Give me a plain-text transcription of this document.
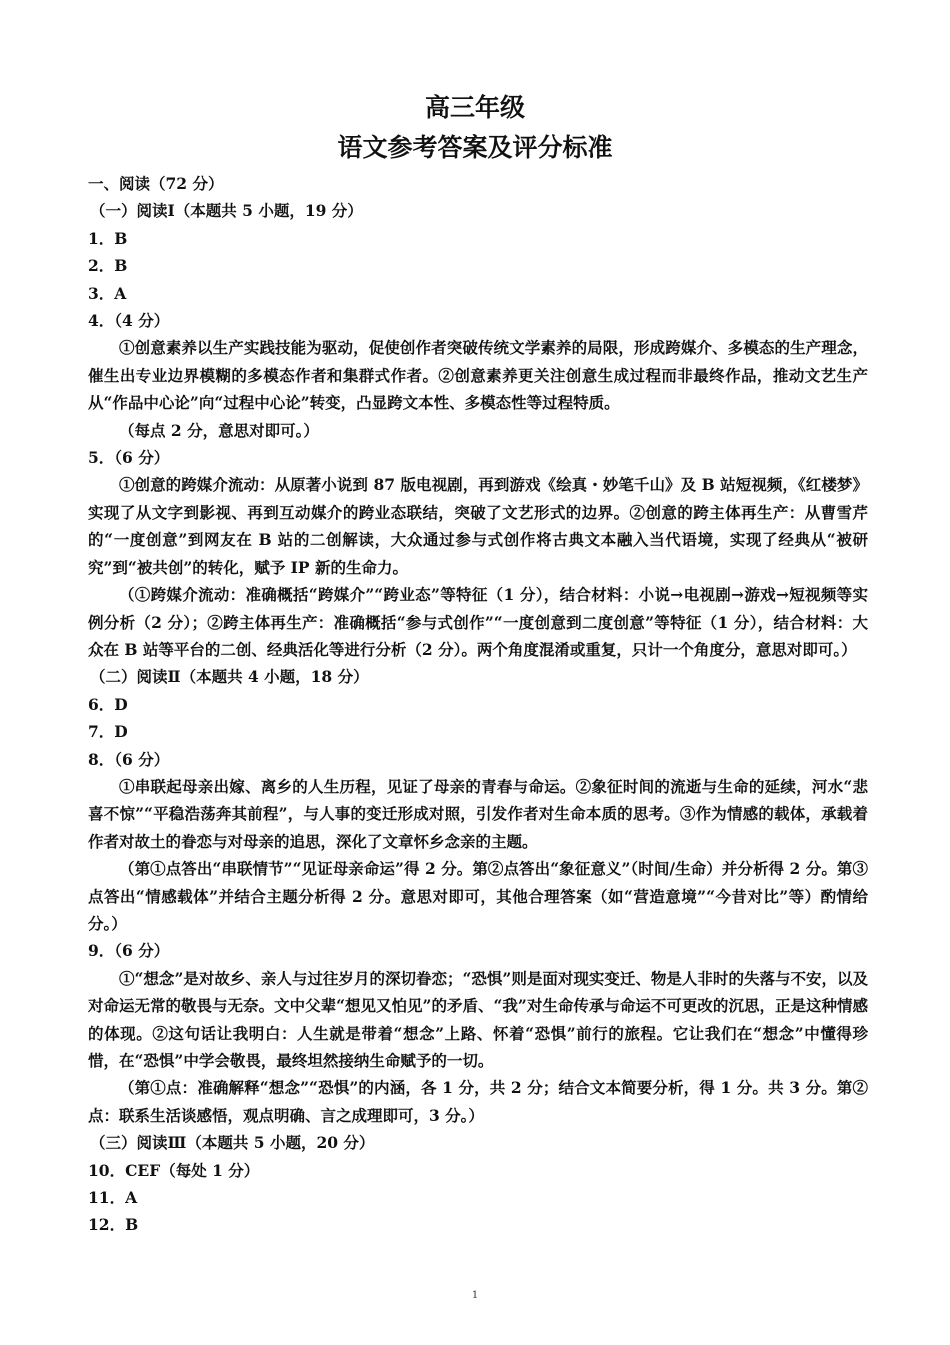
高三年级
语文参考答案及评分标准
一、阅读（72 分）
（一）阅读Ⅰ（本题共 5 小题，19 分）
1．B
2．B
3．A
4．（4 分）

①创意素养以生产实践技能为驱动，促使创作者突破传统文学素养的局限，形成跨媒介、多模态的生产理念，催生出专业边界模糊的多模态作者和集群式作者。②创意素养更关注创意生成过程而非最终作品，推动文艺生产从“作品中心论”向“过程中心论”转变，凸显跨文本性、多模态性等过程特质。

（每点 2 分，意思对即可。）

5．（6 分）

①创意的跨媒介流动：从原著小说到 87 版电视剧，再到游戏《绘真・妙笔千山》及 B 站短视频，《红楼梦》实现了从文字到影视、再到互动媒介的跨业态联结，突破了文艺形式的边界。②创意的跨主体再生产：从曹雪芹的“一度创意”到网友在 B 站的二创解读，大众通过参与式创作将古典文本融入当代语境，实现了经典从“被研究”到“被共创”的转化，赋予 IP 新的生命力。

（①跨媒介流动：准确概括“跨媒介”“跨业态”等特征（1 分），结合材料：小说→电视剧→游戏→短视频等实例分析（2 分）；②跨主体再生产：准确概括“参与式创作”“一度创意到二度创意”等特征（1 分），结合材料：大众在 B 站等平台的二创、经典活化等进行分析（2 分）。两个角度混淆或重复，只计一个角度分，意思对即可。）

（二）阅读Ⅱ（本题共 4 小题，18 分）
6．D
7．D
8．（6 分）

①串联起母亲出嫁、离乡的人生历程，见证了母亲的青春与命运。②象征时间的流逝与生命的延续，河水“悲喜不惊”“平稳浩荡奔其前程”，与人事的变迁形成对照，引发作者对生命本质的思考。③作为情感的载体，承载着作者对故土的眷恋与对母亲的追思，深化了文章怀乡念亲的主题。

（第①点答出“串联情节”“见证母亲命运”得 2 分。第②点答出“象征意义”（时间/生命）并分析得 2 分。第③点答出“情感载体”并结合主题分析得 2 分。意思对即可，其他合理答案（如“营造意境”“今昔对比”等）酌情给分。）

9．（6 分）

①“想念”是对故乡、亲人与过往岁月的深切眷恋；“恐惧”则是面对现实变迁、物是人非时的失落与不安，以及对命运无常的敬畏与无奈。文中父辈“想见又怕见”的矛盾、“我”对生命传承与命运不可更改的沉思，正是这种情感的体现。②这句话让我明白：人生就是带着“想念”上路、怀着“恐惧”前行的旅程。它让我们在“想念”中懂得珍惜，在“恐惧”中学会敬畏，最终坦然接纳生命赋予的一切。

（第①点：准确解释“想念”“恐惧”的内涵，各 1 分，共 2 分；结合文本简要分析，得 1 分。共 3 分。第②点：联系生活谈感悟，观点明确、言之成理即可，3 分。）

（三）阅读Ⅲ（本题共 5 小题，20 分）
10．CEF（每处 1 分）
11．A
12．B
1
